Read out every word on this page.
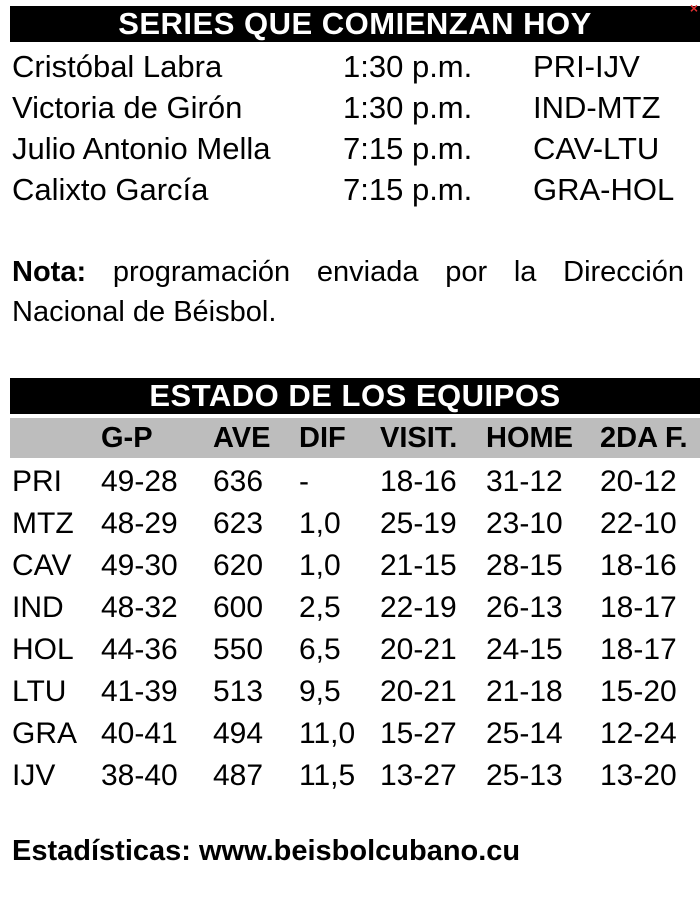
SERIES QUE COMIENZAN HOY	×
Cristóbal Labra	1:30 p.m. PRI-IJV
Victoria de Girón	1:30 p.m. IND-MTZ
Julio Antonio Mella 7:15 p.m. CAV-LTU
Calixto García	7:15 p.m. GRA-HOL
Nota: programación enviada por la Dirección Nacional de Béisbol.
ESTADO DE LOS EQUIPOS
G-P AVE DIF VISIT. HOME 2DA F.
PRI 49-28 636 - 18-16 31-12 20-12
MTZ 48-29 623 1,0 25-19 23-10 22-10
CAV 49-30 620 1,0 21-15 28-15 18-16
IND 48-32 600 2,5 22-19 26-13 18-17
HOL 44-36 550 6,5 20-21 24-15 18-17
LTU 41-39 513 9,5 20-21 21-18 15-20
GRA 40-41 494 11,0 15-27 25-14 12-24
IJV 38-40 487 11,5 13-27 25-13 13-20
Estadísticas: www.beisbolcubano.cu
